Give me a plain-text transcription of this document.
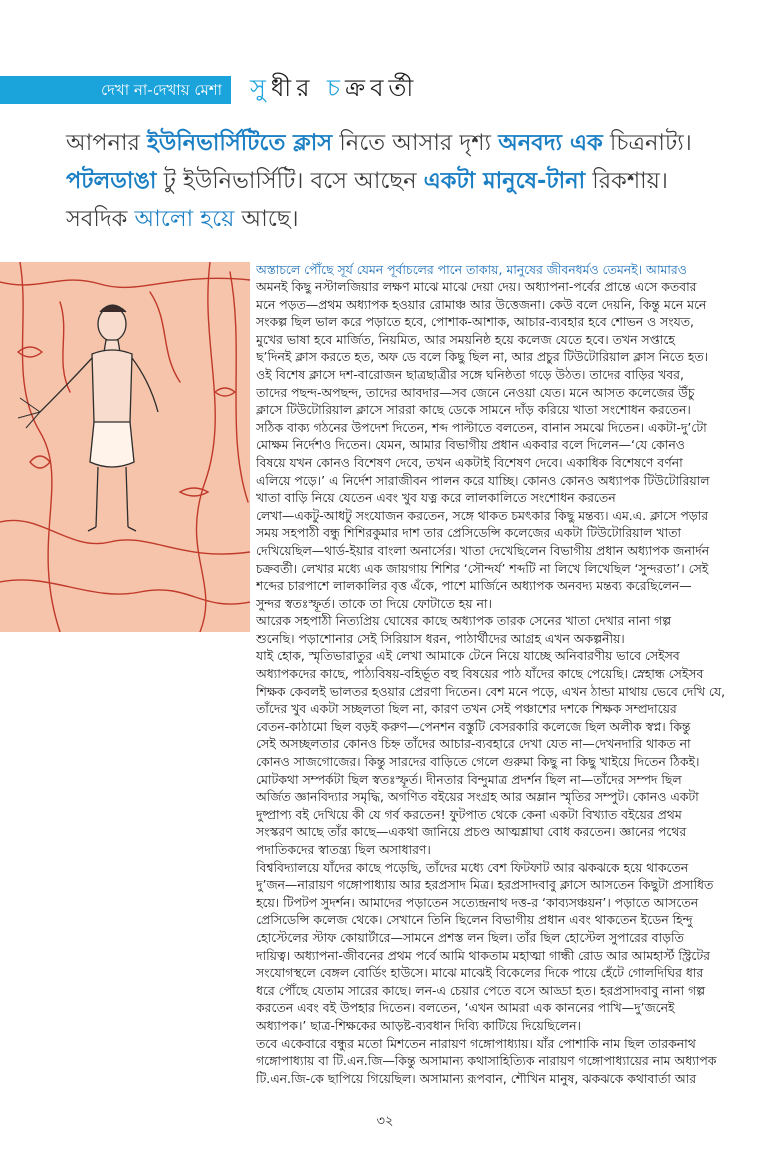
দেখা না-দেখায় মেশা সুধীর চক্রবর্তী
আপনার ইউনিভার্সিটিতে ক্লাস নিতে আসার দৃশ্য অনবদ্য এক চিত্রনাট্য। পটলডাঙা টু ইউনিভার্সিটি। বসে আছেন একটা মানুষে-টানা রিকশায়। সবদিক আলো হয়ে আছে।
অস্তাচলে পৌঁছে সূর্য যেমন পূর্বাচলের পানে তাকায়, মানুষের জীবনধর্মও তেমনই। আমারও
অমনই কিছু নস্টালজিয়ার লক্ষণ মাঝে মাঝে দেয়া দেয়। অধ্যাপনা-পর্বের প্রান্তে এসে কতবার
মনে পড়ত—প্রথম অধ্যাপক হওয়ার রোমাঞ্চ আর উত্তেজনা। কেউ বলে দেয়নি, কিন্তু মনে মনে
সংকল্প ছিল ভাল করে পড়াতে হবে, পোশাক-আশাক, আচার-ব্যবহার হবে শোভন ও সংযত,
মুখের ভাষা হবে মার্জিত, নিয়মিত, আর সময়নিষ্ঠ হয়ে কলেজ যেতে হবে। তখন সপ্তাহে
ছ’দিনই ক্লাস করতে হত, অফ ডে বলে কিছু ছিল না, আর প্রচুর টিউটোরিয়াল ক্লাস নিতে হত।
ওই বিশেষ ক্লাসে দশ-বারোজন ছাত্রছাত্রীর সঙ্গে ঘনিষ্ঠতা গড়ে উঠত। তাদের বাড়ির খবর,
তাদের পছন্দ-অপছন্দ, তাদের আবদার—সব জেনে নেওয়া যেত। মনে আসত কলেজের উঁচু
ক্লাসে টিউটোরিয়াল ক্লাসে সাররা কাছে ডেকে সামনে দাঁড় করিয়ে খাতা সংশোধন করতেন।
সঠিক বাক্য গঠনের উপদেশ দিতেন, শব্দ পাল্টাতে বলতেন, বানান সমঝে দিতেন। একটা-দু’টো
মোক্ষম নির্দেশও দিতেন। যেমন, আমার বিভাগীয় প্রধান একবার বলে দিলেন—‘যে কোনও
বিষয়ে যখন কোনও বিশেষণ দেবে, তখন একটাই বিশেষণ দেবে। একাধিক বিশেষণে বর্ণনা
এলিয়ে পড়ে।’ এ নির্দেশ সারাজীবন পালন করে যাচ্ছি। কোনও কোনও অধ্যাপক টিউটোরিয়াল
খাতা বাড়ি নিয়ে যেতেন এবং খুব যত্ন করে লালকালিতে সংশোধন করতেন
লেখা—একটু-আধটু সংযোজন করতেন, সঙ্গে থাকত চমৎকার কিছু মন্তব্য। এম.এ. ক্লাসে পড়ার
সময় সহপাঠী বন্ধু শিশিরকুমার দাশ তার প্রেসিডেন্সি কলেজের একটা টিউটোরিয়াল খাতা
দেখিয়েছিল—থার্ড-ইয়ার বাংলা অনার্সের। খাতা দেখেছিলেন বিভাগীয় প্রধান অধ্যাপক জনার্দন
চক্রবর্তী। লেখার মধ্যে এক জায়গায় শিশির ‘সৌন্দর্য’ শব্দটি না লিখে লিখেছিল ‘সুন্দরতা’। সেই
শব্দের চারপাশে লালকালির বৃত্ত এঁকে, পাশে মার্জিনে অধ্যাপক অনবদ্য মন্তব্য করেছিলেন—
সুন্দর স্বতঃস্ফূর্ত। তাকে তা দিয়ে ফোটাতে হয় না।
আরেক সহপাঠী নিত্যপ্রিয় ঘোষের কাছে অধ্যাপক তারক সেনের খাতা দেখার নানা গল্প
শুনেছি। পড়াশোনার সেই সিরিয়াস ধরন, পাঠার্থীদের আগ্রহ এখন অকল্পনীয়।
যাই হোক, স্মৃতিভারাতুর এই লেখা আমাকে টেনে নিয়ে যাচ্ছে অনিবারণীয় ভাবে সেইসব
অধ্যাপকদের কাছে, পাঠ্যবিষয়-বহির্ভূত বহু বিষয়ের পাঠ যাঁদের কাছে পেয়েছি। স্নেহান্ধ সেইসব
শিক্ষক কেবলই ভালতর হওয়ার প্রেরণা দিতেন। বেশ মনে পড়ে, এখন ঠান্ডা মাথায় ভেবে দেখি যে,
তাঁদের খুব একটা সচ্ছলতা ছিল না, কারণ তখন সেই পঞ্চাশের দশকে শিক্ষক সম্প্রদায়ের
বেতন-কাঠামো ছিল বড়ই করুণ—পেনশন বস্তুটি বেসরকারি কলেজে ছিল অলীক স্বপ্ন। কিন্তু
সেই অসচ্ছলতার কোনও চিহ্ন তাঁদের আচার-ব্যবহারে দেখা যেত না—দেখনদারি থাকত না
কোনও সাজগোজের। কিন্তু সারদের বাড়িতে গেলে গুরুমা কিছু না কিছু খাইয়ে দিতেন ঠিকই।
মোটকথা সম্পর্কটা ছিল স্বতঃস্ফূর্ত। দীনতার বিন্দুমাত্র প্রদর্শন ছিল না—তাঁদের সম্পদ ছিল
অর্জিত জ্ঞানবিদ্যার সমৃদ্ধি, অগণিত বইয়ের সংগ্রহ আর অম্লান স্মৃতির সম্পুট। কোনও একটা
দুষ্প্রাপ্য বই দেখিয়ে কী যে গর্ব করতেন! ফুটপাত থেকে কেনা একটা বিখ্যাত বইয়ের প্রথম
সংস্করণ আছে তাঁর কাছে—একথা জানিয়ে প্রচণ্ড আত্মশ্লাঘা বোধ করতেন। জ্ঞানের পথের
পদাতিকদের স্বাতন্ত্র্য ছিল অসাধারণ।
বিশ্ববিদ্যালয়ে যাঁদের কাছে পড়েছি, তাঁদের মধ্যে বেশ ফিটফাট আর ঝকঝকে হয়ে থাকতেন
দু’জন—নারায়ণ গঙ্গোপাধ্যায় আর হরপ্রসাদ মিত্র। হরপ্রসাদবাবু ক্লাসে আসতেন কিছুটা প্রসাধিত
হয়ে। টিপটপ সুদর্শন। আমাদের পড়াতেন সত্যেন্দ্রনাথ দত্ত-র ‘কাব্যসঞ্চয়ন’। পড়াতে আসতেন
প্রেসিডেন্সি কলেজ থেকে। সেখানে তিনি ছিলেন বিভাগীয় প্রধান এবং থাকতেন ইডেন হিন্দু
হোস্টেলের স্টাফ কোয়ার্টারে—সামনে প্রশস্ত লন ছিল। তাঁর ছিল হোস্টেল সুপারের বাড়তি
দায়িত্ব। অধ্যাপনা-জীবনের প্রথম পর্বে আমি থাকতাম মহাত্মা গান্ধী রোড আর আমহার্স্ট স্ট্রিটের
সংযোগস্থলে বেঙ্গল বোর্ডিং হাউসে। মাঝে মাঝেই বিকেলের দিকে পায়ে হেঁটে গোলদিঘির ধার
ধরে পৌঁছে যেতাম সারের কাছে। লন-এ চেয়ার পেতে বসে আড্ডা হত। হরপ্রসাদবাবু নানা গল্প
করতেন এবং বই উপহার দিতেন। বলতেন, ‘এখন আমরা এক কাননের পাখি—দু’জনেই
অধ্যাপক।’ ছাত্র-শিক্ষকের আড়ষ্ট-ব্যবধান দিব্যি কাটিয়ে দিয়েছিলেন।
তবে একেবারে বন্ধুর মতো মিশতেন নারায়ণ গঙ্গোপাধ্যায়। যাঁর পোশাকি নাম ছিল তারকনাথ
গঙ্গোপাধ্যায় বা টি.এন.জি—কিন্তু অসামান্য কথাসাহিত্যিক নারায়ণ গঙ্গোপাধ্যায়ের নাম অধ্যাপক
টি.এন.জি-কে ছাপিয়ে গিয়েছিল। অসামান্য রূপবান, শৌখিন মানুষ, ঝকঝকে কথাবার্তা আর
৩২
